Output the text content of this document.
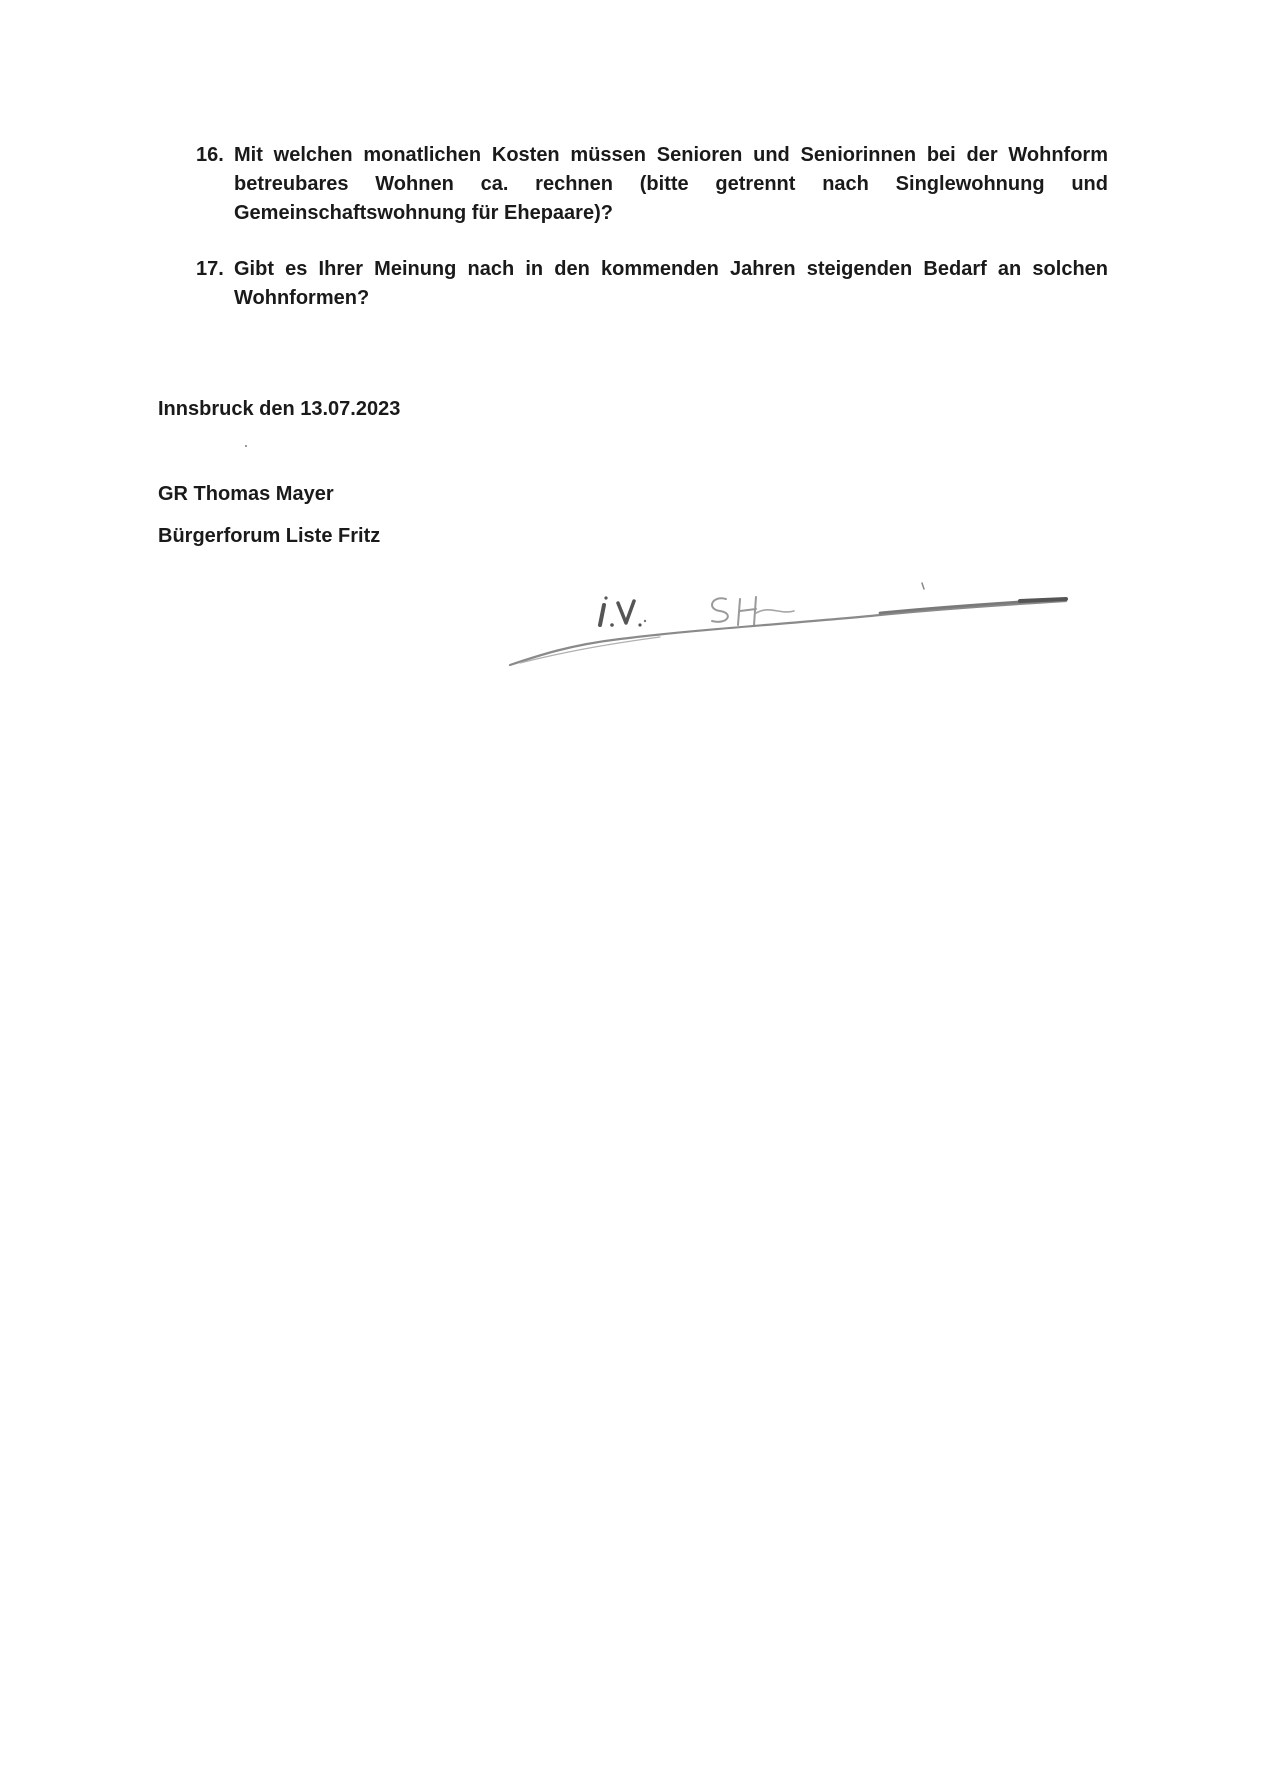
16. Mit welchen monatlichen Kosten müssen Senioren und Seniorinnen bei der Wohnform betreubares Wohnen ca. rechnen (bitte getrennt nach Singlewohnung und Gemeinschaftswohnung für Ehepaare)?
17. Gibt es Ihrer Meinung nach in den kommenden Jahren steigenden Bedarf an solchen Wohnformen?
Innsbruck den 13.07.2023
GR Thomas Mayer
Bürgerforum Liste Fritz
